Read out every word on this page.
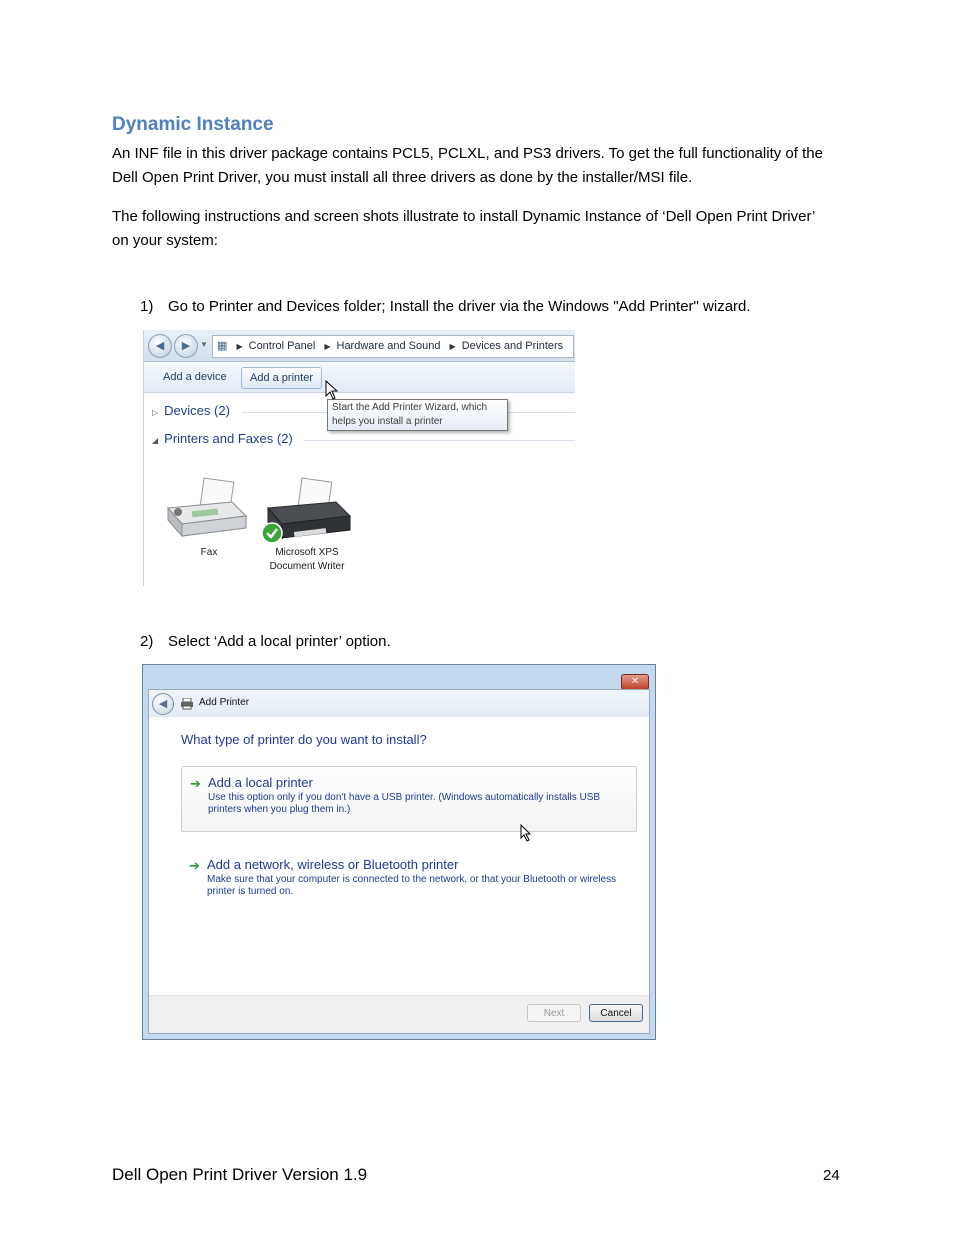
Dynamic Instance
An INF file in this driver package contains PCL5, PCLXL, and PS3 drivers. To get the full functionality of the Dell Open Print Driver, you must install all three drivers as done by the installer/MSI file.
The following instructions and screen shots illustrate to install Dynamic Instance of ‘Dell Open Print Driver’ on your system:
1) Go to Printer and Devices folder; Install the driver via the Windows "Add Printer" wizard.
◀	▶	▼ ▦ ▶ Control Panel ▶ Hardware and Sound ▶ Devices and Printers
Add a device	Add a printer
▷ Devices (2)
◢ Printers and Faxes (2)
Start the Add Printer Wizard, which helps you install a printer
Fax	Microsoft XPS Document Writer
2) Select ‘Add a local printer’ option.
✕
◀	Add Printer
What type of printer do you want to install?
➔ Add a local printer
Use this option only if you don't have a USB printer. (Windows automatically installs USB printers when you plug them in.)
➔ Add a network, wireless or Bluetooth printer
Make sure that your computer is connected to the network, or that your Bluetooth or wireless printer is turned on.
Next	Cancel
Dell Open Print Driver Version 1.9	24
